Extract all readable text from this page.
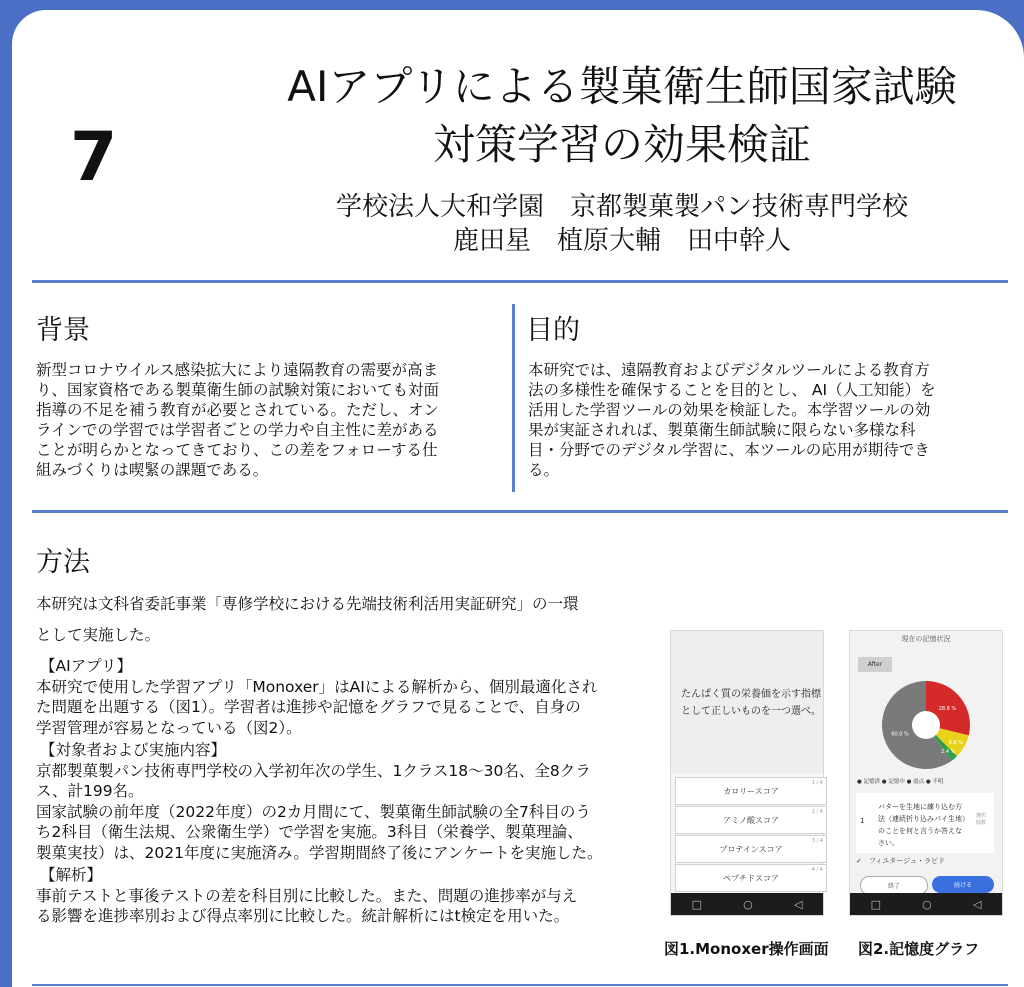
7
AIアプリによる製菓衛生師国家試験
対策学習の効果検証
学校法人大和学園　京都製菓製パン技術専門学校
鹿田星　植原大輔　田中幹人
背景
新型コロナウイルス感染拡大により遠隔教育の需要が高ま
り、国家資格である製菓衛生師の試験対策においても対面
指導の不足を補う教育が必要とされている。ただし、オン
ラインでの学習では学習者ごとの学力や自主性に差がある
ことが明らかとなってきており、この差をフォローする仕
組みづくりは喫緊の課題である。
目的
本研究では、遠隔教育およびデジタルツールによる教育方
法の多様性を確保することを目的とし、 AI（人工知能）を
活用した学習ツールの効果を検証した。本学習ツールの効
果が実証されれば、製菓衛生師試験に限らない多様な科
目・分野でのデジタル学習に、本ツールの応用が期待でき
る。
方法
本研究は文科省委託事業「専修学校における先端技術利活用実証研究」の一環
として実施した。
【AIアプリ】
本研究で使用した学習アプリ「Monoxer」はAIによる解析から、個別最適化され
た問題を出題する（図1）。学習者は進捗や記憶をグラフで見ることで、自身の
学習管理が容易となっている（図2）。
【対象者および実施内容】
京都製菓製パン技術専門学校の入学初年次の学生、1クラス18〜30名、全8クラ
ス、計199名。
国家試験の前年度（2022年度）の2カ月間にて、製菓衛生師試験の全7科目のう
ち2科目（衛生法規、公衆衛生学）で学習を実施。3科目（栄養学、製菓理論、
製菓実技）は、2021年度に実施済み。学習期間終了後にアンケートを実施した。
【解析】
事前テストと事後テストの差を科目別に比較した。また、問題の進捗率が与え
る影響を進捗率別および得点率別に比較した。統計解析にはt検定を用いた。
たんぱく質の栄養価を示す指標
として正しいものを一つ選べ。
カロリースコア
1 / 4
アミノ酸スコア
2 / 4
プロテインスコア
3 / 4
ペプチドスコア
4 / 4
□	○	◁
現在の記憶状況
After
60.0 %
28.8 %
8.8 %
2.4 %
● 記憶済 ● 記憶中 ● 弱点 ● 不明
1
バターを生地に練り込む方法（連続折り込みパイ生地）のことを何と言うか答えなさい。
選択肢数
✓　フィユタージュ・ラピド
終了	続ける
□	○	◁
図1.Monoxer操作画面 図2.記憶度グラフ
